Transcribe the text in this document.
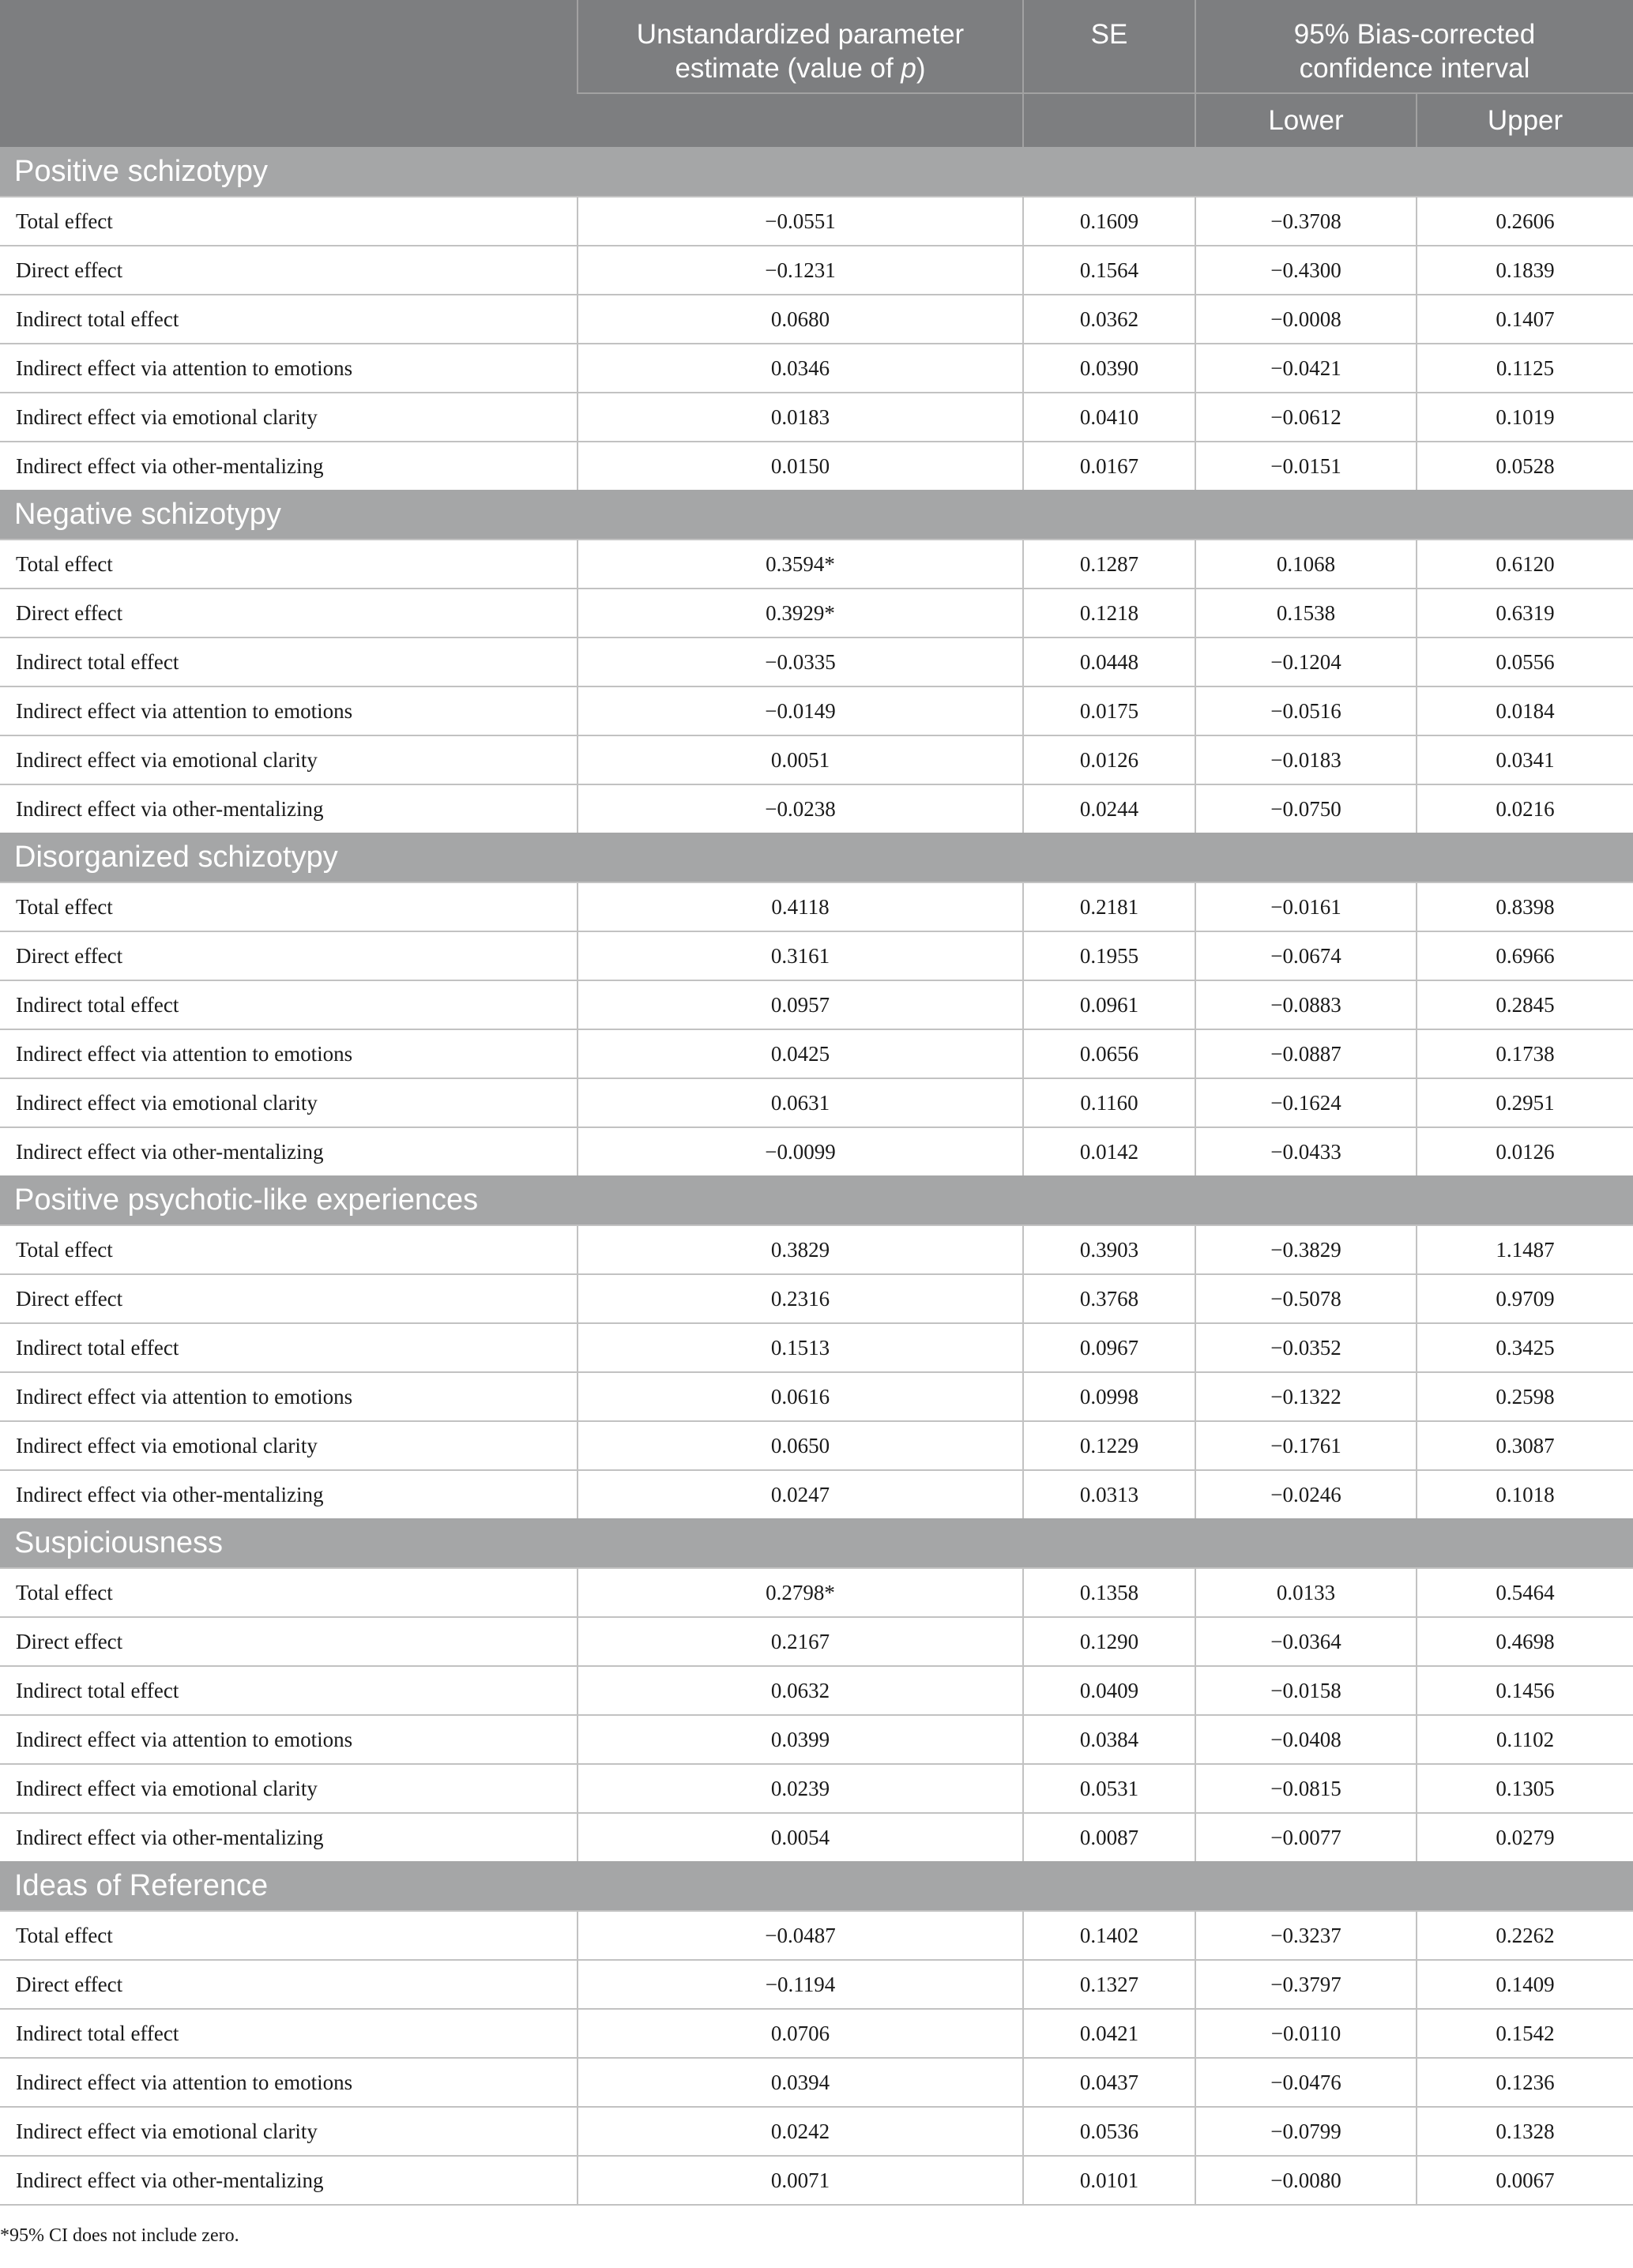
	Unstandardized parameter
estimate (value of p)	SE	95% Bias-corrected
confidence interval	
			Lower	Upper
Positive schizotypy				
Total effect	−0.0551	0.1609	−0.3708	0.2606
Direct effect	−0.1231	0.1564	−0.4300	0.1839
Indirect total effect	0.0680	0.0362	−0.0008	0.1407
Indirect effect via attention to emotions	0.0346	0.0390	−0.0421	0.1125
Indirect effect via emotional clarity	0.0183	0.0410	−0.0612	0.1019
Indirect effect via other-mentalizing	0.0150	0.0167	−0.0151	0.0528
Negative schizotypy				
Total effect	0.3594*	0.1287	0.1068	0.6120
Direct effect	0.3929*	0.1218	0.1538	0.6319
Indirect total effect	−0.0335	0.0448	−0.1204	0.0556
Indirect effect via attention to emotions	−0.0149	0.0175	−0.0516	0.0184
Indirect effect via emotional clarity	0.0051	0.0126	−0.0183	0.0341
Indirect effect via other-mentalizing	−0.0238	0.0244	−0.0750	0.0216
Disorganized schizotypy				
Total effect	0.4118	0.2181	−0.0161	0.8398
Direct effect	0.3161	0.1955	−0.0674	0.6966
Indirect total effect	0.0957	0.0961	−0.0883	0.2845
Indirect effect via attention to emotions	0.0425	0.0656	−0.0887	0.1738
Indirect effect via emotional clarity	0.0631	0.1160	−0.1624	0.2951
Indirect effect via other-mentalizing	−0.0099	0.0142	−0.0433	0.0126
Positive psychotic-like experiences				
Total effect	0.3829	0.3903	−0.3829	1.1487
Direct effect	0.2316	0.3768	−0.5078	0.9709
Indirect total effect	0.1513	0.0967	−0.0352	0.3425
Indirect effect via attention to emotions	0.0616	0.0998	−0.1322	0.2598
Indirect effect via emotional clarity	0.0650	0.1229	−0.1761	0.3087
Indirect effect via other-mentalizing	0.0247	0.0313	−0.0246	0.1018
Suspiciousness				
Total effect	0.2798*	0.1358	0.0133	0.5464
Direct effect	0.2167	0.1290	−0.0364	0.4698
Indirect total effect	0.0632	0.0409	−0.0158	0.1456
Indirect effect via attention to emotions	0.0399	0.0384	−0.0408	0.1102
Indirect effect via emotional clarity	0.0239	0.0531	−0.0815	0.1305
Indirect effect via other-mentalizing	0.0054	0.0087	−0.0077	0.0279
Ideas of Reference				
Total effect	−0.0487	0.1402	−0.3237	0.2262
Direct effect	−0.1194	0.1327	−0.3797	0.1409
Indirect total effect	0.0706	0.0421	−0.0110	0.1542
Indirect effect via attention to emotions	0.0394	0.0437	−0.0476	0.1236
Indirect effect via emotional clarity	0.0242	0.0536	−0.0799	0.1328
Indirect effect via other-mentalizing	0.0071	0.0101	−0.0080	0.0067
*95% CI does not include zero.
